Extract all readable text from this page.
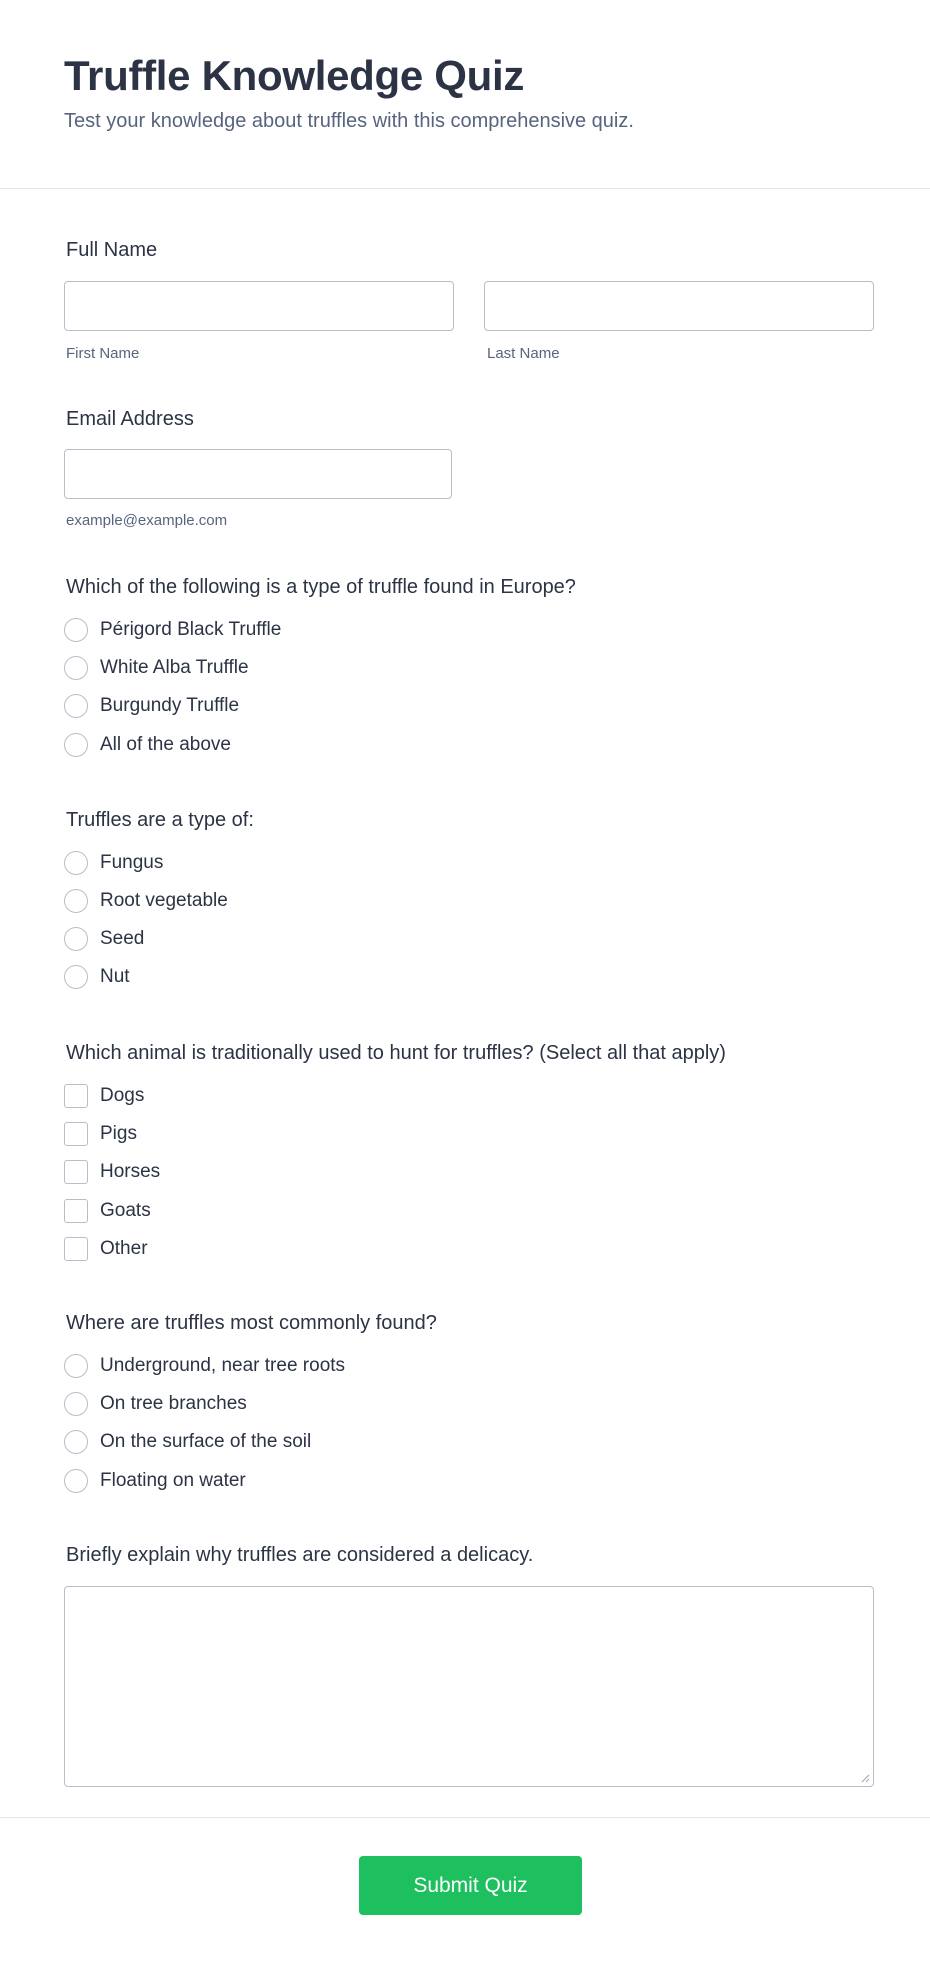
Truffle Knowledge Quiz

Test your knowledge about truffles with this comprehensive quiz.

Full Name
First Name	Last Name
Email Address
example@example.com
Which of the following is a type of truffle found in Europe?
Périgord Black Truffle
White Alba Truffle
Burgundy Truffle
All of the above
Truffles are a type of:
Fungus
Root vegetable
Seed
Nut
Which animal is traditionally used to hunt for truffles? (Select all that apply)
Dogs
Pigs
Horses
Goats
Other
Where are truffles most commonly found?
Underground, near tree roots
On tree branches
On the surface of the soil
Floating on water
Briefly explain why truffles are considered a delicacy.
Submit Quiz
